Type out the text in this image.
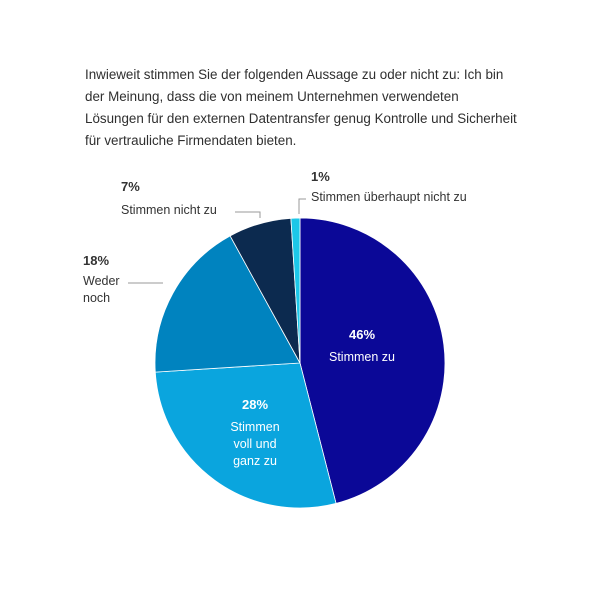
Inwieweit stimmen Sie der folgenden Aussage zu oder nicht zu: Ich bin
der Meinung, dass die von meinem Unternehmen verwendeten
Lösungen für den externen Datentransfer genug Kontrolle und Sicherheit
für vertrauliche Firmendaten bieten.

46%
Stimmen zu
28%
Stimmen
voll und
ganz zu
18%
Weder
noch
7%
Stimmen nicht zu
1%
Stimmen überhaupt nicht zu
